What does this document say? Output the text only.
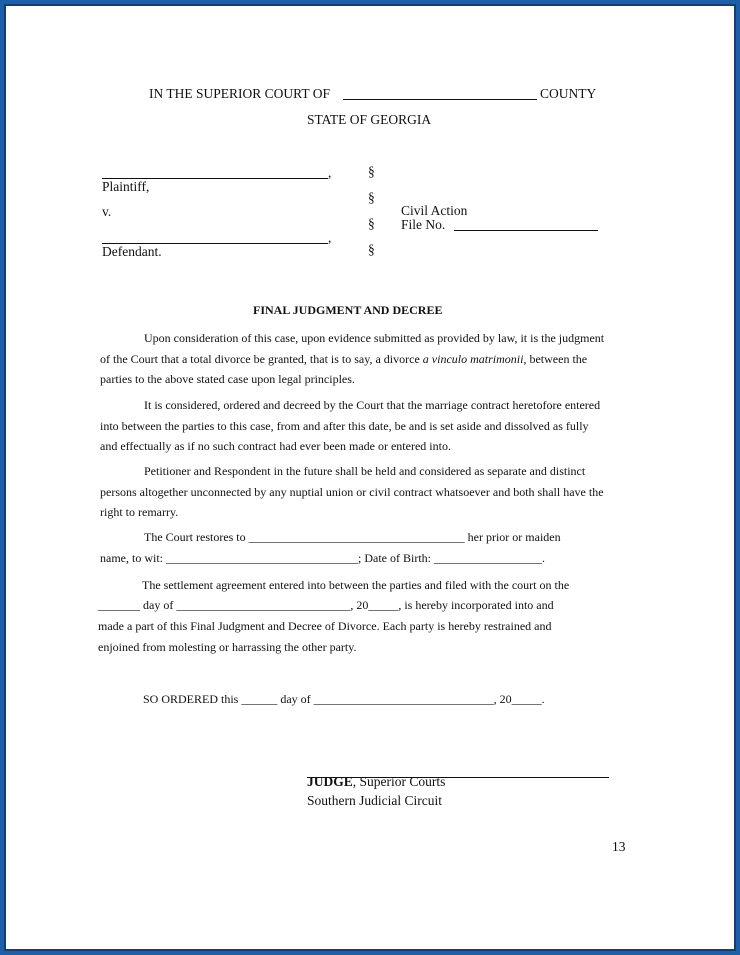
IN THE SUPERIOR COURT OF	COUNTY
STATE OF GEORGIA
,
Plaintiff,
v.
,
Defendant.
§
§
§
§
Civil Action
File No.
FINAL JUDGMENT AND DECREE
Upon consideration of this case, upon evidence submitted as provided by law, it is the judgment of the Court that a total divorce be granted, that is to say, a divorce a vinculo matrimonii, between the parties to the above stated case upon legal principles.
It is considered, ordered and decreed by the Court that the marriage contract heretofore entered into between the parties to this case, from and after this date, be and is set aside and dissolved as fully and effectually as if no such contract had ever been made or entered into.
Petitioner and Respondent in the future shall be held and considered as separate and distinct persons altogether unconnected by any nuptial union or civil contract whatsoever and both shall have the right to remarry.
The Court restores to ____________________________________ her prior or maiden
name, to wit: ________________________________; Date of Birth: __________________.
The settlement agreement entered into between the parties and filed with the court on the
_______ day of _____________________________, 20_____, is hereby incorporated into and
made a part of this Final Judgment and Decree of Divorce. Each party is hereby restrained and
enjoined from molesting or harrassing the other party.
SO ORDERED this ______ day of ______________________________, 20_____.
JUDGE, Superior Courts
Southern Judicial Circuit
13
